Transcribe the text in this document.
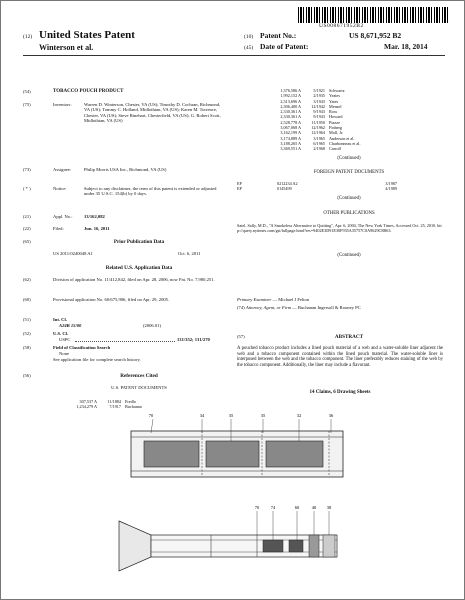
US008671952B2
(12) United States Patent
Winterson et al.
(10) Patent No.:	US 8,671,952 B2
(45) Date of Patent:	Mar. 18, 2014
(54)	TOBACCO POUCH PRODUCT
(75)	Inventors:	Warren D. Winterson, Chester, VA (US); Timothy D. Cochran, Richmond, VA (US); Tommy C. Holland, Midlothian, VA (US); Karen M. Torrence, Chester, VA (US); Steve Rinehart, Chesterfield, VA (US); G. Robert Scott, Midlothian, VA (US)
(73)	Assignee:	Philip Morris USA Inc., Richmond, VA (US)
( * )	Notice:	Subject to any disclaimer, the term of this patent is extended or adjusted under 35 U.S.C. 154(b) by 0 days.
(21)	Appl. No.: 13/162,082
(22)	Filed:	Jun. 16, 2011
Prior Publication Data
(65)
US 2011/0240048 A1	Oct. 6, 2011
Related U.S. Application Data
(62)	Division of application No. 11/412,842, filed on Apr. 28, 2006, now Pat. No. 7,980,251.
(60)	Provisional application No. 60/675,906, filed on Apr. 29, 2005.
(51)	Int. Cl.
A24B 15/00	(2006.01)
(52)	U.S. Cl.
USPC	131/352; 131/270
(58)	Field of Classification Search
None
See application file for complete search history.
(56)	References Cited
U.S. PATENT DOCUMENTS
307,537 A	11/1884 Fredlo
1,234,279 A	7/1917 Buchanan
1,376,586 A	5/1921 Schwartz
1,992,152 A	2/1935 Yeates
2,313,696 A	3/1943 Yates
2,306,400 A	12/1942 Menzel
2,330,361 A	9/1943 Ross
2,330,361 A	9/1943 Howard
2,528,778 A	11/1950 Piazze
3,067,068 A	12/1962 Finberg
3,162,199 A	12/1964 Moll, Jr.
3,174,889 A	3/1965 Anderson et al.
3,188,265 A	6/1965 Charbonneau et al.
3,369,551 A	2/1968 Carroll
(Continued)
FOREIGN PATENT DOCUMENTS
EP	0212234 A2	3/1987
EP	0145499	4/1989
(Continued)
OTHER PUBLICATIONS
Satel, Sally, M.D., "A Smokeless Alternative to Quitting", Apr. 6, 2004, The New York Times, Accessed Oct. 25, 2010. http://query.nytimes.com/gst/fullpage.html?res=9402E3D91E30F935A35757C0A9629C8B63.
(Continued)
Primary Examiner — Michael J Felton
(74) Attorney, Agent, or Firm — Buchanan Ingersoll & Rooney PC
(57)	ABSTRACT
A pouched tobacco product includes a lined pouch material of a web and a water-soluble liner adjacent the web and a tobacco component contained within the lined pouch material. The water-soluble liner is interposed between the web and the tobacco component. The liner preferably reduces staining of the web by the tobacco component. Additionally, the liner may include a flavorant.
14 Claims, 6 Drawing Sheets
70	34	35	35	32	36
70	74	60	40 38
